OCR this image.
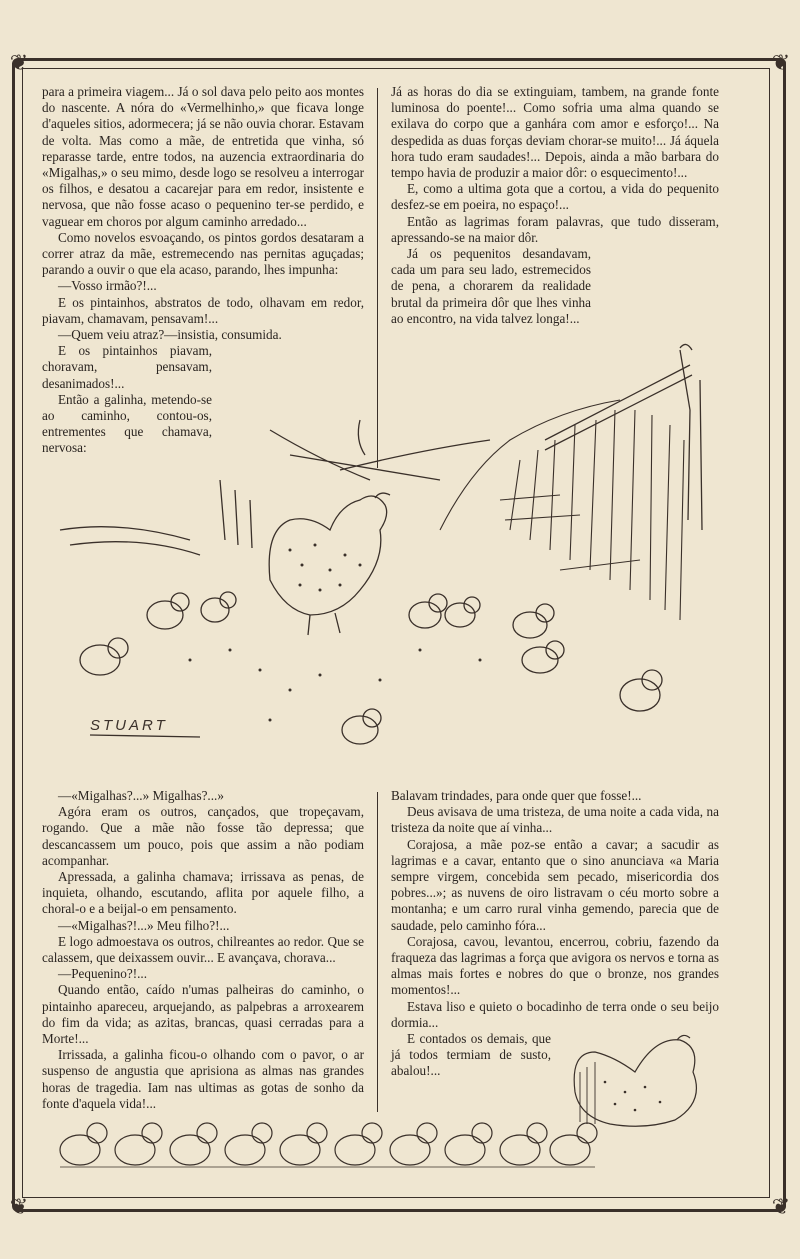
❦	❦
❦	❦

para a primeira viagem... Já o sol dava pelo peito aos montes do nascente. A nóra do «Vermelhinho,» que ficava longe d'aqueles sitios, adormecera; já se não ouvia chorar. Estavam de volta. Mas como a mãe, de entretida que vinha, só reparasse tarde, entre todos, na auzencia extraordinaria do «Migalhas,» o seu mimo, desde logo se resolveu a interrogar os filhos, e desatou a cacarejar para em redor, insistente e nervosa, que não fosse acaso o pequenino ter-se perdido, e vaguear em choros por algum caminho arredado...

Como novelos esvoaçando, os pintos gordos desataram a correr atraz da mãe, estremecendo nas pernitas aguçadas; parando a ouvir o que ela acaso, parando, lhes impunha:

—Vosso irmão?!...

E os pintainhos, abstratos de todo, olhavam em redor, piavam, chamavam, pensavam!...

—Quem veiu atraz?—insistia, consumida.

E os pintainhos piavam, choravam, pensavam, desanimados!...

Então a galinha, metendo-se ao caminho, contou-os, entrementes que chamava, nervosa:

Já as horas do dia se extinguiam, tambem, na grande fonte luminosa do poente!... Como sofria uma alma quando se exilava do corpo que a ganhára com amor e esforço!... Na despedida as duas forças deviam chorar-se muito!... Já áquela hora tudo eram saudades!... Depois, ainda a mão barbara do tempo havia de produzir a maior dôr: o esquecimento!...

E, como a ultima gota que a cortou, a vida do pequenito desfez-se em poeira, no espaço!...

Então as lagrimas foram palavras, que tudo disseram, apressando-se na maior dôr.

Já os pequenitos desandavam, cada um para seu lado, estremecidos de pena, a chorarem da realidade brutal da primeira dôr que lhes vinha ao encontro, na vida talvez longa!...

STUART

—«Migalhas?...» Migalhas?...»

Agóra eram os outros, cançados, que tropeçavam, rogando. Que a mãe não fosse tão depressa; que descancassem um pouco, pois que assim a não podiam acompanhar.

Apressada, a galinha chamava; irrissava as penas, de inquieta, olhando, escutando, aflita por aquele filho, a choral-o e a beijal-o em pensamento.

—«Migalhas?!...» Meu filho?!...

E logo admoestava os outros, chilreantes ao redor. Que se calassem, que deixassem ouvir... E avançava, chorava...

—Pequenino?!...

Quando então, caído n'umas palheiras do caminho, o pintainho apareceu, arquejando, as palpebras a arroxearem do fim da vida; as azitas, brancas, quasi cerradas para a Morte!...

Irrissada, a galinha ficou-o olhando com o pavor, o ar suspenso de angustia que aprisiona as almas nas grandes horas de tragedia. Iam nas ultimas as gotas de sonho da fonte d'aquela vida!...

Balavam trindades, para onde quer que fosse!...

Deus avisava de uma tristeza, de uma noite a cada vida, na tristeza da noite que aí vinha...

Corajosa, a mãe poz-se então a cavar; a sacudir as lagrimas e a cavar, entanto que o sino anunciava «a Maria sempre virgem, concebida sem pecado, misericordia dos pobres...»; as nuvens de oiro listravam o céu morto sobre a montanha; e um carro rural vinha gemendo, parecia que de saudade, pelo caminho fóra...

Corajosa, cavou, levantou, encerrou, cobriu, fazendo da fraqueza das lagrimas a força que avigora os nervos e torna as almas mais fortes e nobres do que o bronze, nos grandes momentos!...

Estava liso e quieto o bocadinho de terra onde o seu beijo dormia...

E contados os demais, que já todos termiam de susto, abalou!...
